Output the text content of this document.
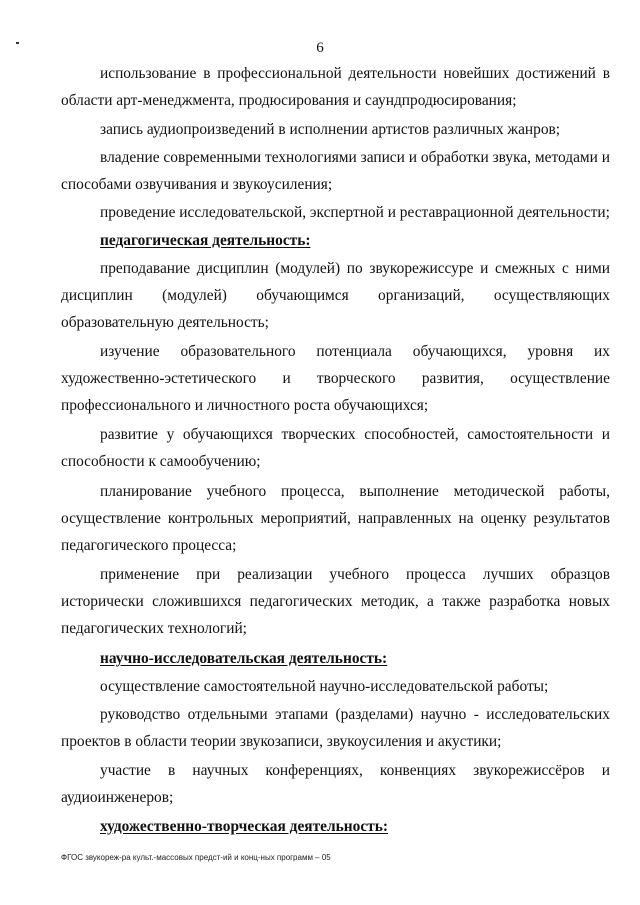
6

использование в профессиональной деятельности новейших достижений в области арт-менеджмента, продюсирования и саундпродюсирования;

запись аудиопроизведений в исполнении артистов различных жанров;

владение современными технологиями записи и обработки звука, методами и способами озвучивания и звукоусиления;

проведение исследовательской, экспертной и реставрационной деятельности;

педагогическая деятельность:

преподавание дисциплин (модулей) по звукорежиссуре и смежных с ними дисциплин (модулей) обучающимся организаций, осуществляющих образовательную деятельность;

изучение образовательного потенциала обучающихся, уровня их художественно-эстетического и творческого развития, осуществление профессионального и личностного роста обучающихся;

развитие у обучающихся творческих способностей, самостоятельности и способности к самообучению;

планирование учебного процесса, выполнение методической работы, осуществление контрольных мероприятий, направленных на оценку результатов педагогического процесса;

применение при реализации учебного процесса лучших образцов исторически сложившихся педагогических методик, а также разработка новых педагогических технологий;

научно-исследовательская деятельность:

осуществление самостоятельной научно-исследовательской работы;

руководство отдельными этапами (разделами) научно - исследовательских проектов в области теории звукозаписи, звукоусиления и акустики;

участие в научных конференциях, конвенциях звукорежиссёров и аудиоинженеров;

художественно-творческая деятельность:

ФГОС звукореж-ра культ.-массовых предст-ий и конц-ных программ – 05
